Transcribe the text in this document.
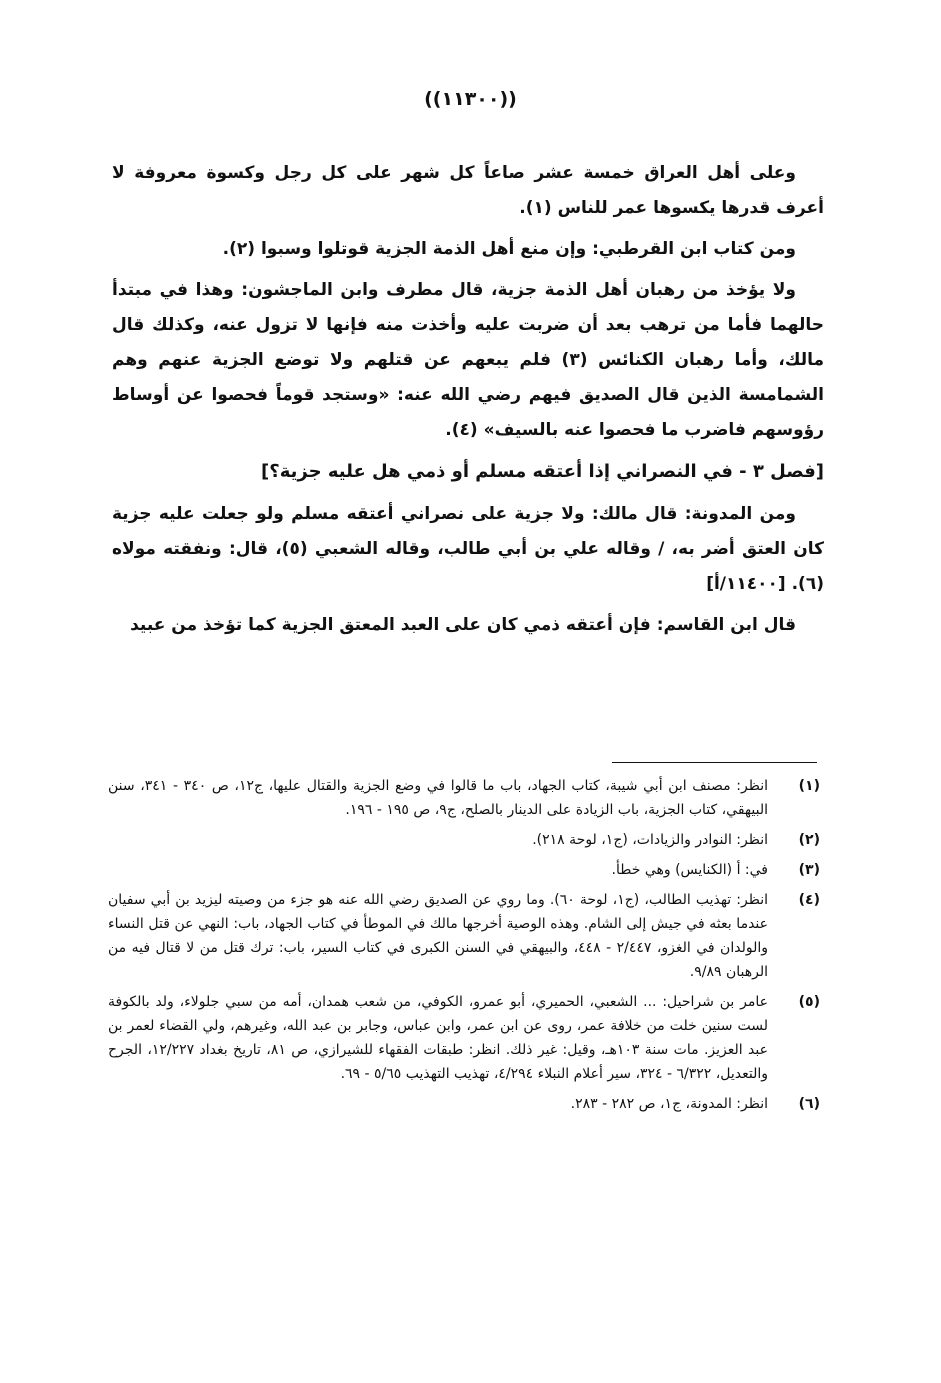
((١١٣٠٠))

وعلى أهل العراق خمسة عشر صاعاً كل شهر على كل رجل وكسوة معروفة لا أعرف قدرها يكسوها عمر للناس (١).

ومن كتاب ابن القرطبي: وإن منع أهل الذمة الجزية قوتلوا وسبوا (٢).

ولا يؤخذ من رهبان أهل الذمة جزية، قال مطرف وابن الماجشون: وهذا في مبتدأ حالهما فأما من ترهب بعد أن ضربت عليه وأخذت منه فإنها لا تزول عنه، وكذلك قال مالك، وأما رهبان الكنائس (٣) فلم يبعهم عن قتلهم ولا توضع الجزية عنهم وهم الشمامسة الذين قال الصديق فيهم رضي الله عنه: «وستجد قوماً فحصوا عن أوساط رؤوسهم فاضرب ما فحصوا عنه بالسيف» (٤).

[فصل ٣ - في النصراني إذا أعتقه مسلم أو ذمي هل عليه جزية؟]

ومن المدونة: قال مالك: ولا جزية على نصراني أعتقه مسلم ولو جعلت عليه جزية كان العتق أضر به، / وقاله علي بن أبي طالب، وقاله الشعبي (٥)، قال: ونفقته مولاه (٦). [١١٤٠٠/أ]

قال ابن القاسم: فإن أعتقه ذمي كان على العبد المعتق الجزية كما تؤخذ من عبيد

(١)
انظر: مصنف ابن أبي شيبة، كتاب الجهاد، باب ما قالوا في وضع الجزية والقتال عليها، ج١٢، ص ٣٤٠ - ٣٤١، سنن البيهقي، كتاب الجزية، باب الزيادة على الدينار بالصلح، ج٩، ص ١٩٥ - ١٩٦.
(٢)
انظر: النوادر والزيادات، (ج١، لوحة ٢١٨).
(٣)
في: أ (الكنايس) وهي خطأ.
(٤)
انظر: تهذيب الطالب، (ج١، لوحة ٦٠). وما روي عن الصديق رضي الله عنه هو جزء من وصيته ليزيد بن أبي سفيان عندما بعثه في جيش إلى الشام. وهذه الوصية أخرجها مالك في الموطأ في كتاب الجهاد، باب: النهي عن قتل النساء والولدان في الغزو، ٢/٤٤٧ - ٤٤٨، والبيهقي في السنن الكبرى في كتاب السير، باب: ترك قتل من لا قتال فيه من الرهبان ٩/٨٩.
(٥)
عامر بن شراحيل: ... الشعبي، الحميري، أبو عمرو، الكوفي، من شعب همدان، أمه من سبي جلولاء، ولد بالكوفة لست سنين خلت من خلافة عمر، روى عن ابن عمر، وابن عباس، وجابر بن عبد الله، وغيرهم، ولي القضاء لعمر بن عبد العزيز. مات سنة ١٠٣هـ، وقيل: غير ذلك. انظر: طبقات الفقهاء للشيرازي، ص ٨١، تاريخ بغداد ١٢/٢٢٧، الجرح والتعديل، ٦/٣٢٢ - ٣٢٤، سير أعلام النبلاء ٤/٢٩٤، تهذيب التهذيب ٥/٦٥ - ٦٩.
(٦)
انظر: المدونة، ج١، ص ٢٨٢ - ٢٨٣.
